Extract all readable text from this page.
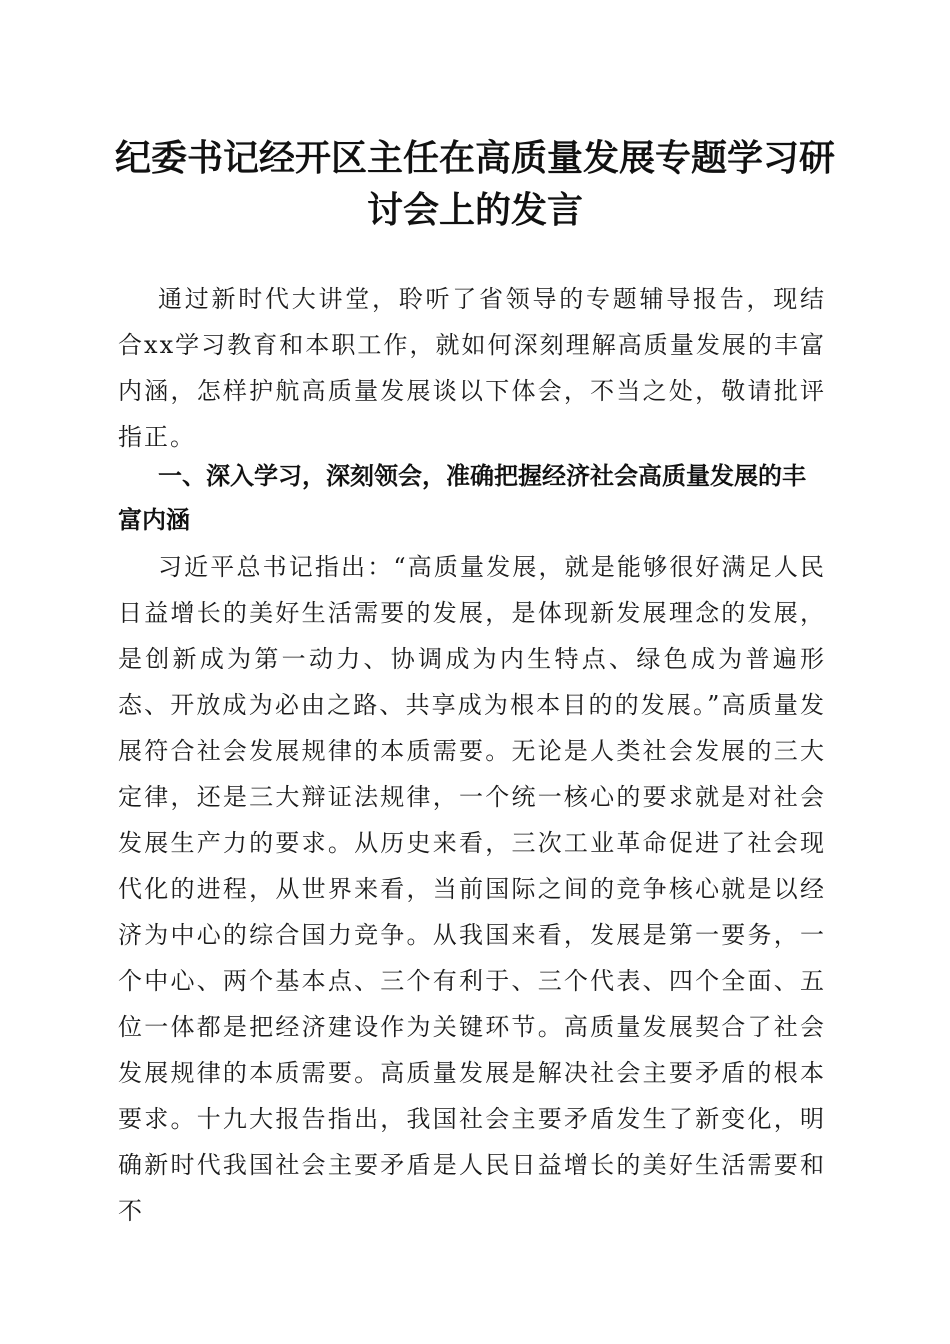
纪委书记经开区主任在高质量发展专题学习研讨会上的发言

通过新时代大讲堂，聆听了省领导的专题辅导报告，现结合xx学习教育和本职工作，就如何深刻理解高质量发展的丰富内涵，怎样护航高质量发展谈以下体会，不当之处，敬请批评指正。

一、深入学习，深刻领会，准确把握经济社会高质量发展的丰富内涵

习近平总书记指出：“高质量发展，就是能够很好满足人民日益增长的美好生活需要的发展，是体现新发展理念的发展，是创新成为第一动力、协调成为内生特点、绿色成为普遍形态、开放成为必由之路、共享成为根本目的的发展。”高质量发展符合社会发展规律的本质需要。无论是人类社会发展的三大定律，还是三大辩证法规律，一个统一核心的要求就是对社会发展生产力的要求。从历史来看，三次工业革命促进了社会现代化的进程，从世界来看，当前国际之间的竞争核心就是以经济为中心的综合国力竞争。从我国来看，发展是第一要务，一个中心、两个基本点、三个有利于、三个代表、四个全面、五位一体都是把经济建设作为关键环节。高质量发展契合了社会发展规律的本质需要。高质量发展是解决社会主要矛盾的根本要求。十九大报告指出，我国社会主要矛盾发生了新变化，明确新时代我国社会主要矛盾是人民日益增长的美好生活需要和不
